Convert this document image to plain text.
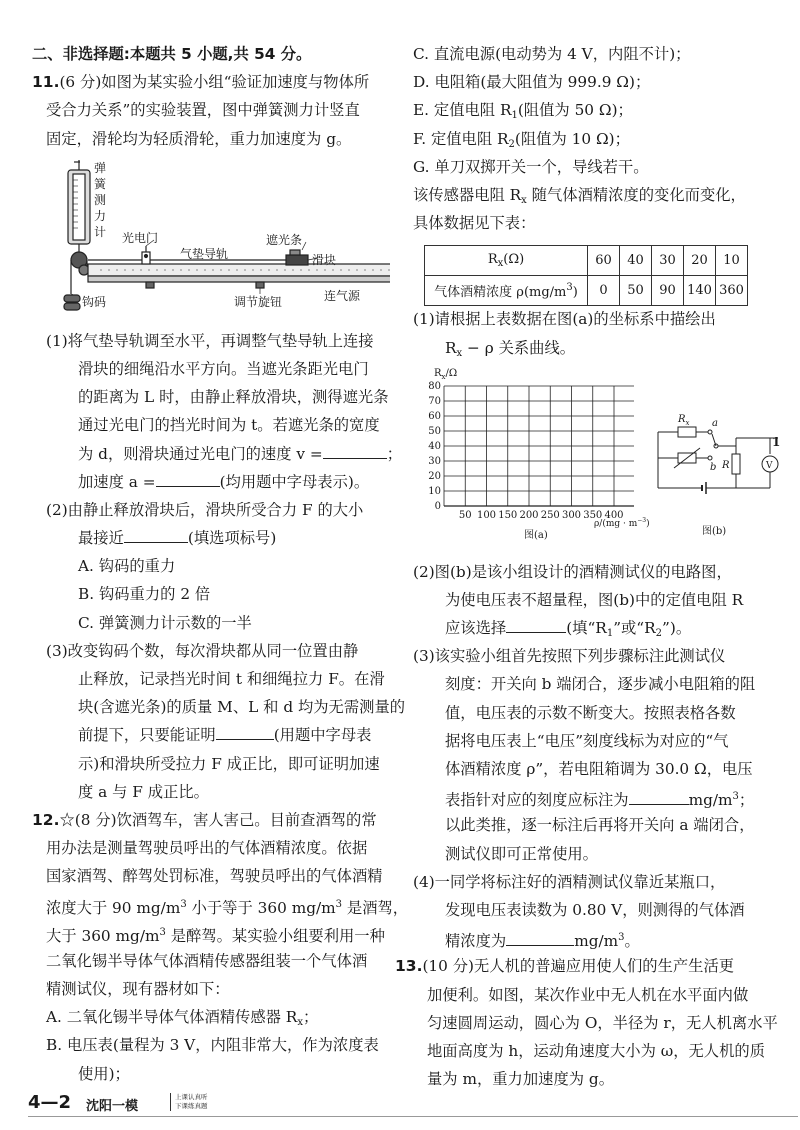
二、非选择题:本题共 5 小题,共 54 分。
11.(6 分)如图为某实验小组“验证加速度与物体所
受合力关系”的实验装置，图中弹簧测力计竖直
固定，滑轮均为轻质滑轮，重力加速度为 g。
(1)将气垫导轨调至水平，再调整气垫导轨上连接
滑块的细绳沿水平方向。当遮光条距光电门
的距离为 L 时，由静止释放滑块，测得遮光条
通过光电门的挡光时间为 t。若遮光条的宽度
为 d，则滑块通过光电门的速度 v =	；
加速度 a =	(均用题中字母表示)。
(2)由静止释放滑块后，滑块所受合力 F 的大小
最接近	(填选项标号)
A. 钩码的重力
B. 钩码重力的 2 倍
C. 弹簧测力计示数的一半
(3)改变钩码个数，每次滑块都从同一位置由静
止释放，记录挡光时间 t 和细绳拉力 F。在滑
块(含遮光条)的质量 M、L 和 d 均为无需测量的
前提下，只要能证明	(用题中字母表
示)和滑块所受拉力 F 成正比，即可证明加速
度 a 与 F 成正比。
12.☆(8 分)饮酒驾车，害人害己。目前查酒驾的常
用办法是测量驾驶员呼出的气体酒精浓度。依据
国家酒驾、醉驾处罚标准，驾驶员呼出的气体酒精
浓度大于 90 $mg/m^3$ 小于等于 360 $mg/m^3$ 是酒驾，
大于 360 $mg/m^3$ 是醉驾。某实验小组要利用一种
二氧化锡半导体气体酒精传感器组装一个气体酒
精测试仪，现有器材如下：
A. 二氧化锡半导体气体酒精传感器 $R_x$；
B. 电压表(量程为 3 V，内阻非常大，作为浓度表
使用)；
弹
簧
测
力
计 光电门
气垫导轨
遮光条
滑块
钩码	调节旋钮	连气源
C. 直流电源(电动势为 4 V，内阻不计)；
D. 电阻箱(最大阻值为 999.9 Ω)；
E. 定值电阻 $R_1$(阻值为 50 Ω)；
F. 定值电阻 $R_2$(阻值为 10 Ω)；
G. 单刀双掷开关一个，导线若干。
该传感器电阻 $R_x$ 随气体酒精浓度的变化而变化，
具体数据见下表：
(1)请根据上表数据在图(a)的坐标系中描绘出
$R_x - \rho$ 关系曲线。
(2)图(b)是该小组设计的酒精测试仪的电路图，
为使电压表不超量程，图(b)中的定值电阻 R
应该选择	(填“$R_1$”或“$R_2$”)。
(3)该实验小组首先按照下列步骤标注此测试仪
刻度：开关向 b 端闭合，逐步减小电阻箱的阻
值，电压表的示数不断变大。按照表格各数
据将电压表上“电压”刻度线标为对应的“气
体酒精浓度 ρ”，若电阻箱调为 30.0 Ω，电压
表指针对应的刻度应标注为	$mg/m^3$；
以此类推，逐一标注后再将开关向 a 端闭合，
测试仪即可正常使用。
(4)一同学将标注好的酒精测试仪靠近某瓶口，
发现电压表读数为 0.80 V，则测得的气体酒
精浓度为	$mg/m^3$。
13.(10 分)无人机的普遍应用使人们的生产生活更
加便利。如图，某次作业中无人机在水平面内做
匀速圆周运动，圆心为 O，半径为 r，无人机离水平
地面高度为 h，运动角速度大小为 ω，无人机的质
量为 m，重力加速度为 g。
$R_x(\Omega)$	60	40	30	20	10
气体酒精浓度 $\rho(mg/m^3)$	0	50	90	140	360
$R_x/\Omega$
80
70
60
50
40
30
20
10
0
50 100 150 200 250 300 350 400
$\rho/(mg \cdot m^{-3})$
图(a)
$R_x$ a
b R	V
1
图(b)
4—2 沈阳一模
上课认真听
下课练真题
